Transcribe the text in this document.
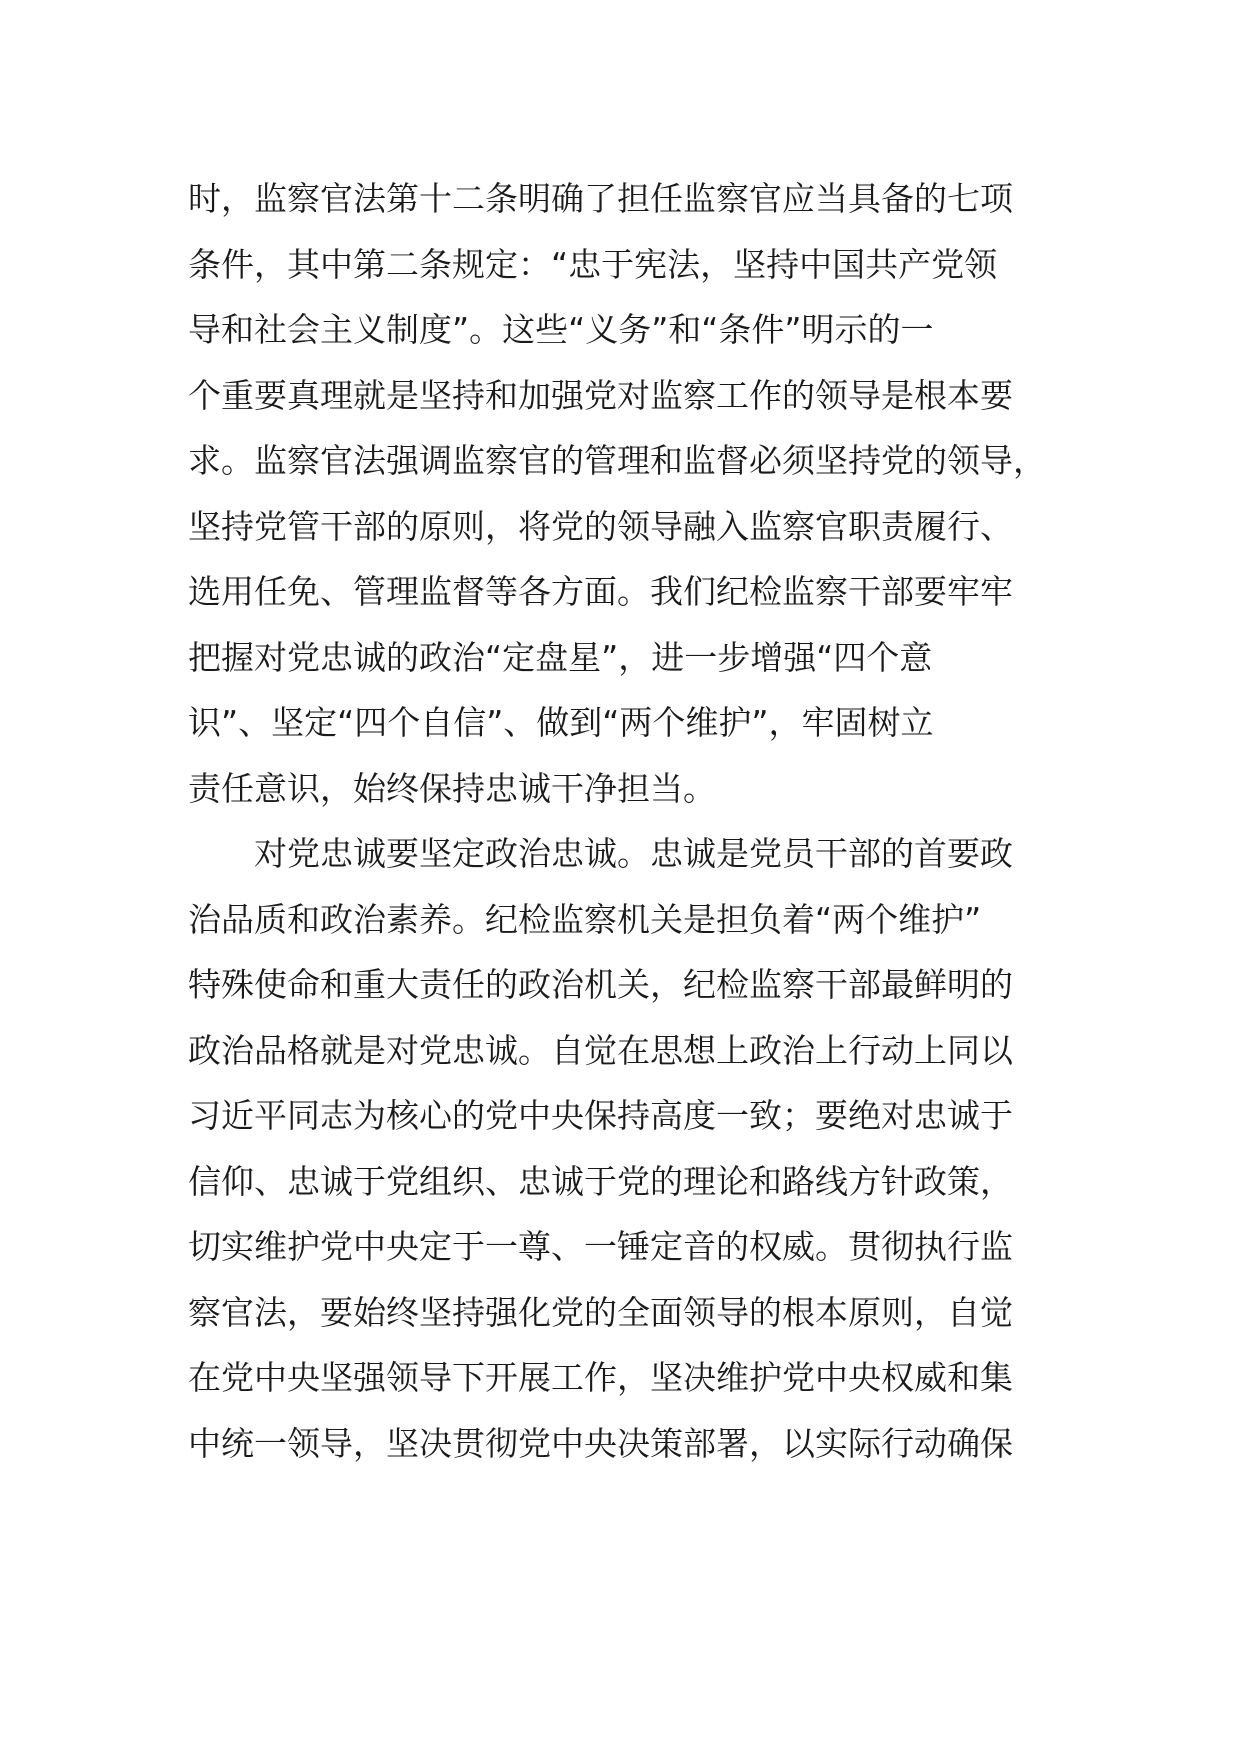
时，监察官法第十二条明确了担任监察官应当具备的七项
条件，其中第二条规定：“忠于宪法，坚持中国共产党领
导和社会主义制度”。这些“义务”和“条件”明示的一
个重要真理就是坚持和加强党对监察工作的领导是根本要
求。监察官法强调监察官的管理和监督必须坚持党的领导，
坚持党管干部的原则，将党的领导融入监察官职责履行、
选用任免、管理监督等各方面。我们纪检监察干部要牢牢
把握对党忠诚的政治“定盘星”，进一步增强“四个意
识”、坚定“四个自信”、做到“两个维护”，牢固树立
责任意识，始终保持忠诚干净担当。
　　对党忠诚要坚定政治忠诚。忠诚是党员干部的首要政
治品质和政治素养。纪检监察机关是担负着“两个维护”
特殊使命和重大责任的政治机关，纪检监察干部最鲜明的
政治品格就是对党忠诚。自觉在思想上政治上行动上同以
习近平同志为核心的党中央保持高度一致；要绝对忠诚于
信仰、忠诚于党组织、忠诚于党的理论和路线方针政策，
切实维护党中央定于一尊、一锤定音的权威。贯彻执行监
察官法，要始终坚持强化党的全面领导的根本原则，自觉
在党中央坚强领导下开展工作，坚决维护党中央权威和集
中统一领导，坚决贯彻党中央决策部署，以实际行动确保
